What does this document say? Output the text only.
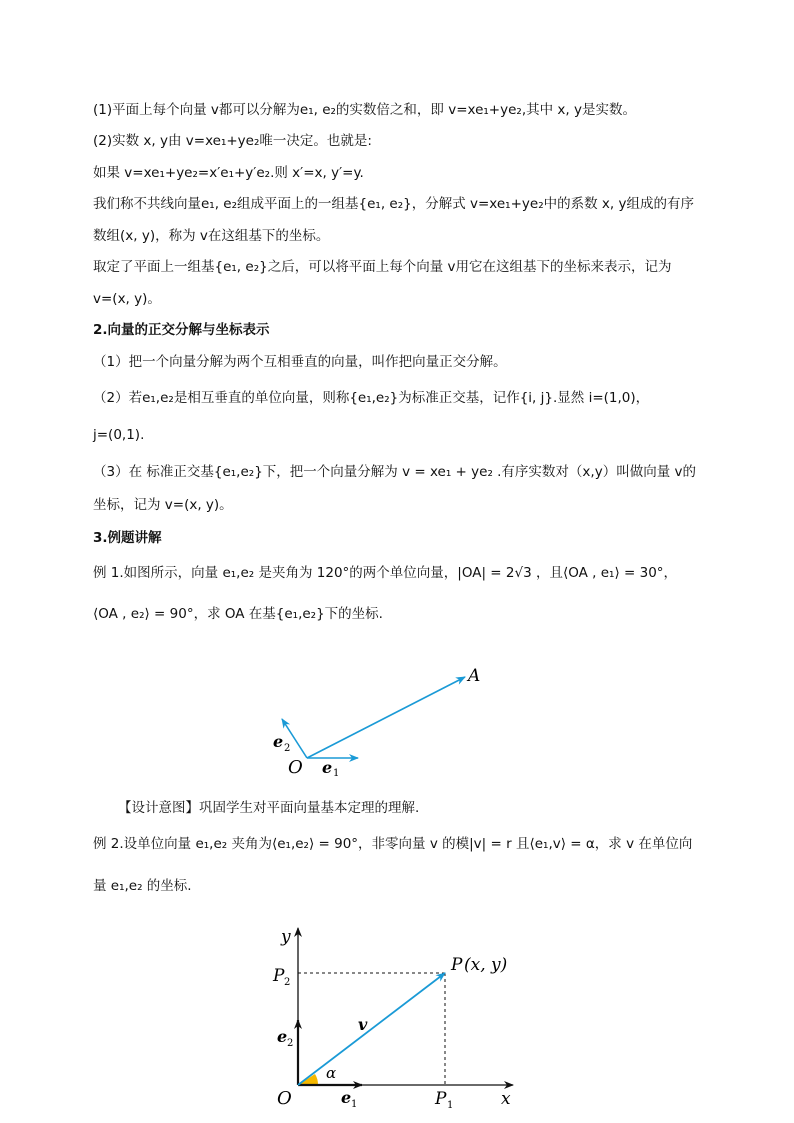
(1)平面上每个向量 v都可以分解为e₁, e₂的实数倍之和，即 v=xe₁+ye₂,其中 x, y是实数。
(2)实数 x, y由 v=xe₁+ye₂唯一决定。也就是:
如果 v=xe₁+ye₂=x′e₁+y′e₂.则 x′=x, y′=y.
我们称不共线向量e₁, e₂组成平面上的一组基{e₁, e₂}，分解式 v=xe₁+ye₂中的系数 x, y组成的有序
数组(x, y)，称为 v在这组基下的坐标。
取定了平面上一组基{e₁, e₂}之后，可以将平面上每个向量 v用它在这组基下的坐标来表示，记为
v=(x, y)。
2.向量的正交分解与坐标表示
（1）把一个向量分解为两个互相垂直的向量，叫作把向量正交分解。
（2）若e₁,e₂是相互垂直的单位向量，则称{e₁,e₂}为标准正交基，记作{i, j}.显然 i=(1,0)，
j=(0,1).
（3）在 标准正交基{e₁,e₂}下，把一个向量分解为 v = xe₁ + ye₂ .有序实数对（x,y）叫做向量 v的
坐标，记为 v=(x, y)。
3.例题讲解
例 1.如图所示，向量 e₁,e₂ 是夹角为 120°的两个单位向量，|OA| = 2√3 ，且⟨OA , e₁⟩ = 30°，
⟨OA , e₂⟩ = 90°，求 OA 在基{e₁,e₂}下的坐标.
A
O
e 2
e 1
【设计意图】巩固学生对平面向量基本定理的理解.
例 2.设单位向量 e₁,e₂ 夹角为⟨e₁,e₂⟩ = 90°，非零向量 v 的模|v| = r 且⟨e₁,v⟩ = α，求 v 在单位向
量 e₁,e₂ 的坐标.
y
x
O
P 2
P 1
P (x, y)
e 2
e 1
v
α
